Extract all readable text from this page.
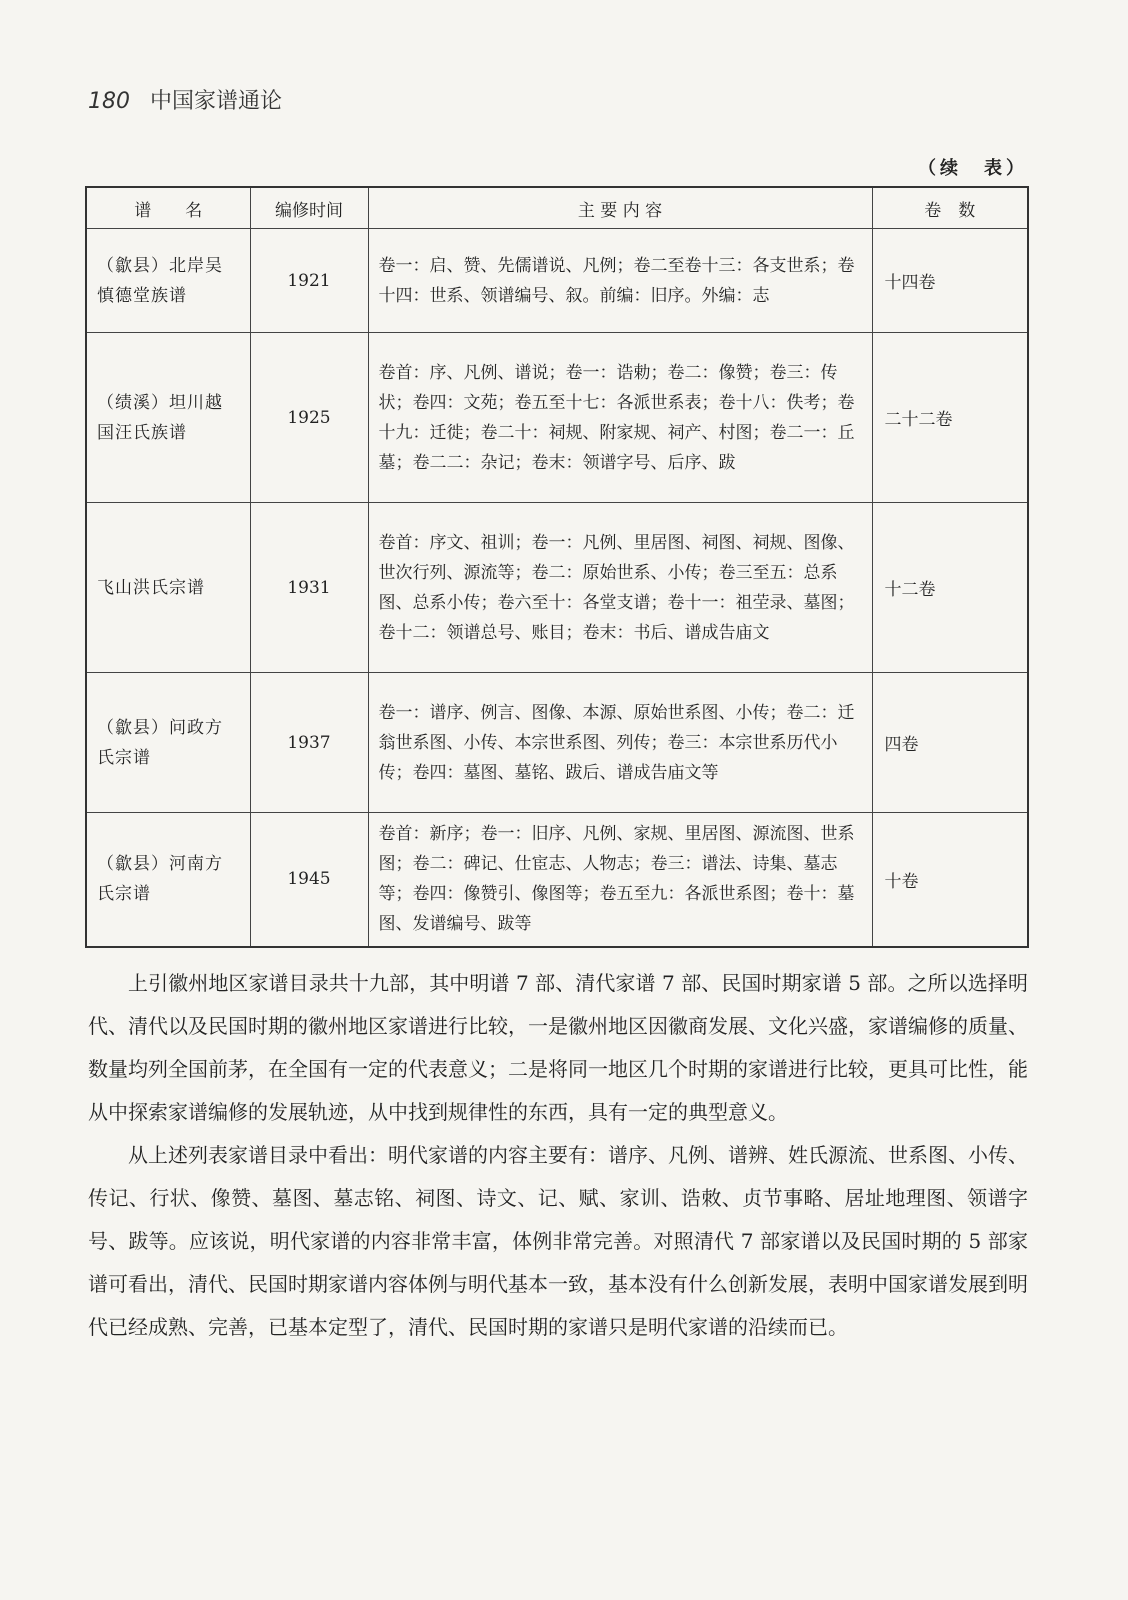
180 中国家谱通论
（续　表）
谱　　名	编修时间	主 要 内 容	卷　数
（歙县）北岸吴慎德堂族谱	1921	卷一：启、赞、先儒谱说、凡例；卷二至卷十三：各支世系；卷十四：世系、领谱编号、叙。前编：旧序。外编：志	十四卷
（绩溪）坦川越国汪氏族谱	1925	卷首：序、凡例、谱说；卷一：诰勅；卷二：像赞；卷三：传状；卷四：文苑；卷五至十七：各派世系表；卷十八：佚考；卷十九：迁徙；卷二十：祠规、附家规、祠产、村图；卷二一：丘墓；卷二二：杂记；卷末：领谱字号、后序、跋	二十二卷
飞山洪氏宗谱	1931	卷首：序文、祖训；卷一：凡例、里居图、祠图、祠规、图像、世次行列、源流等；卷二：原始世系、小传；卷三至五：总系图、总系小传；卷六至十：各堂支谱；卷十一：祖茔录、墓图；卷十二：领谱总号、账目；卷末：书后、谱成告庙文	十二卷
（歙县）问政方氏宗谱	1937	卷一：谱序、例言、图像、本源、原始世系图、小传；卷二：迁翁世系图、小传、本宗世系图、列传；卷三：本宗世系历代小传；卷四：墓图、墓铭、跋后、谱成告庙文等	四卷
（歙县）河南方氏宗谱	1945	卷首：新序；卷一：旧序、凡例、家规、里居图、源流图、世系图；卷二：碑记、仕宦志、人物志；卷三：谱法、诗集、墓志等；卷四：像赞引、像图等；卷五至九：各派世系图；卷十：墓图、发谱编号、跋等	十卷

上引徽州地区家谱目录共十九部，其中明谱 7 部、清代家谱 7 部、民国时期家谱 5 部。之所以选择明代、清代以及民国时期的徽州地区家谱进行比较，一是徽州地区因徽商发展、文化兴盛，家谱编修的质量、数量均列全国前茅，在全国有一定的代表意义；二是将同一地区几个时期的家谱进行比较，更具可比性，能从中探索家谱编修的发展轨迹，从中找到规律性的东西，具有一定的典型意义。

从上述列表家谱目录中看出：明代家谱的内容主要有：谱序、凡例、谱辨、姓氏源流、世系图、小传、传记、行状、像赞、墓图、墓志铭、祠图、诗文、记、赋、家训、诰敇、贞节事略、居址地理图、领谱字号、跋等。应该说，明代家谱的内容非常丰富，体例非常完善。对照清代 7 部家谱以及民国时期的 5 部家谱可看出，清代、民国时期家谱内容体例与明代基本一致，基本没有什么创新发展，表明中国家谱发展到明代已经成熟、完善，已基本定型了，清代、民国时期的家谱只是明代家谱的沿续而已。
